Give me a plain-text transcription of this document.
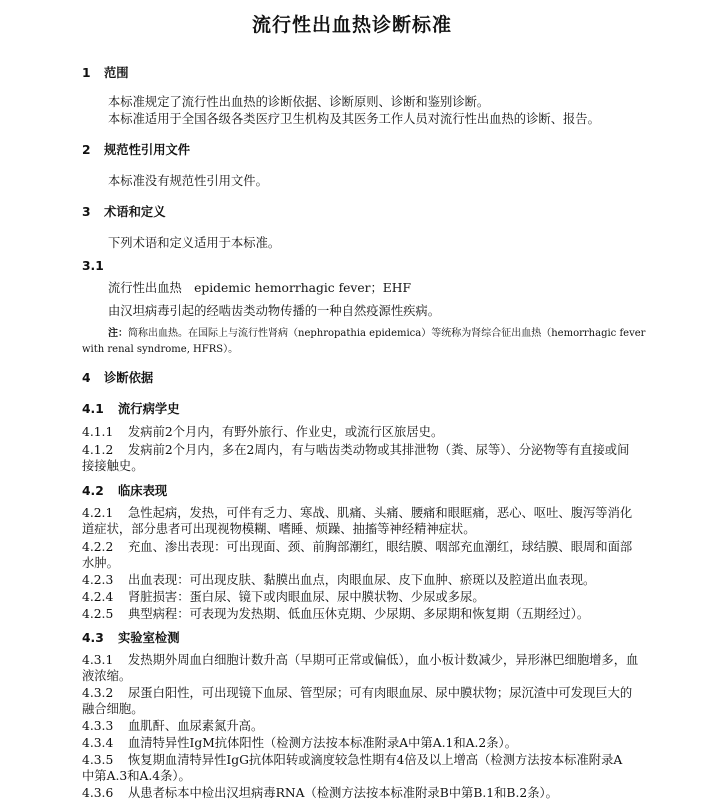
流行性出血热诊断标准
1 范围
本标准规定了流行性出血热的诊断依据、诊断原则、诊断和鉴别诊断。
本标准适用于全国各级各类医疗卫生机构及其医务工作人员对流行性出血热的诊断、报告。
2 规范性引用文件
本标准没有规范性引用文件。
3 术语和定义
下列术语和定义适用于本标准。
3.1
流行性出血热　epidemic hemorrhagic fever；EHF
由汉坦病毒引起的经啮齿类动物传播的一种自然疫源性疾病。
注：简称出血热。在国际上与流行性肾病（nephropathia epidemica）等统称为肾综合征出血热（hemorrhagic fever
with renal syndrome, HFRS）。
4 诊断依据
4.1 流行病学史
4.1.1 发病前2个月内，有野外旅行、作业史，或流行区旅居史。
4.1.2 发病前2个月内，多在2周内，有与啮齿类动物或其排泄物（粪、尿等）、分泌物等有直接或间
接接触史。
4.2 临床表现
4.2.1 急性起病，发热，可伴有乏力、寒战、肌痛、头痛、腰痛和眼眶痛，恶心、呕吐、腹泻等消化
道症状，部分患者可出现视物模糊、嗜睡、烦躁、抽搐等神经精神症状。
4.2.2 充血、渗出表现：可出现面、颈、前胸部潮红，眼结膜、咽部充血潮红，球结膜、眼周和面部
水肿。
4.2.3 出血表现：可出现皮肤、黏膜出血点，肉眼血尿、皮下血肿、瘀斑以及腔道出血表现。
4.2.4 肾脏损害：蛋白尿、镜下或肉眼血尿、尿中膜状物、少尿或多尿。
4.2.5 典型病程：可表现为发热期、低血压休克期、少尿期、多尿期和恢复期（五期经过）。
4.3 实验室检测
4.3.1 发热期外周血白细胞计数升高（早期可正常或偏低），血小板计数减少，异形淋巴细胞增多，血
液浓缩。
4.3.2 尿蛋白阳性，可出现镜下血尿、管型尿；可有肉眼血尿、尿中膜状物；尿沉渣中可发现巨大的
融合细胞。
4.3.3 血肌酐、血尿素氮升高。
4.3.4 血清特异性IgM抗体阳性（检测方法按本标准附录A中第A.1和A.2条）。
4.3.5 恢复期血清特异性IgG抗体阳转或滴度较急性期有4倍及以上增高（检测方法按本标准附录A
中第A.3和A.4条）。
4.3.6 从患者标本中检出汉坦病毒RNA（检测方法按本标准附录B中第B.1和B.2条）。
